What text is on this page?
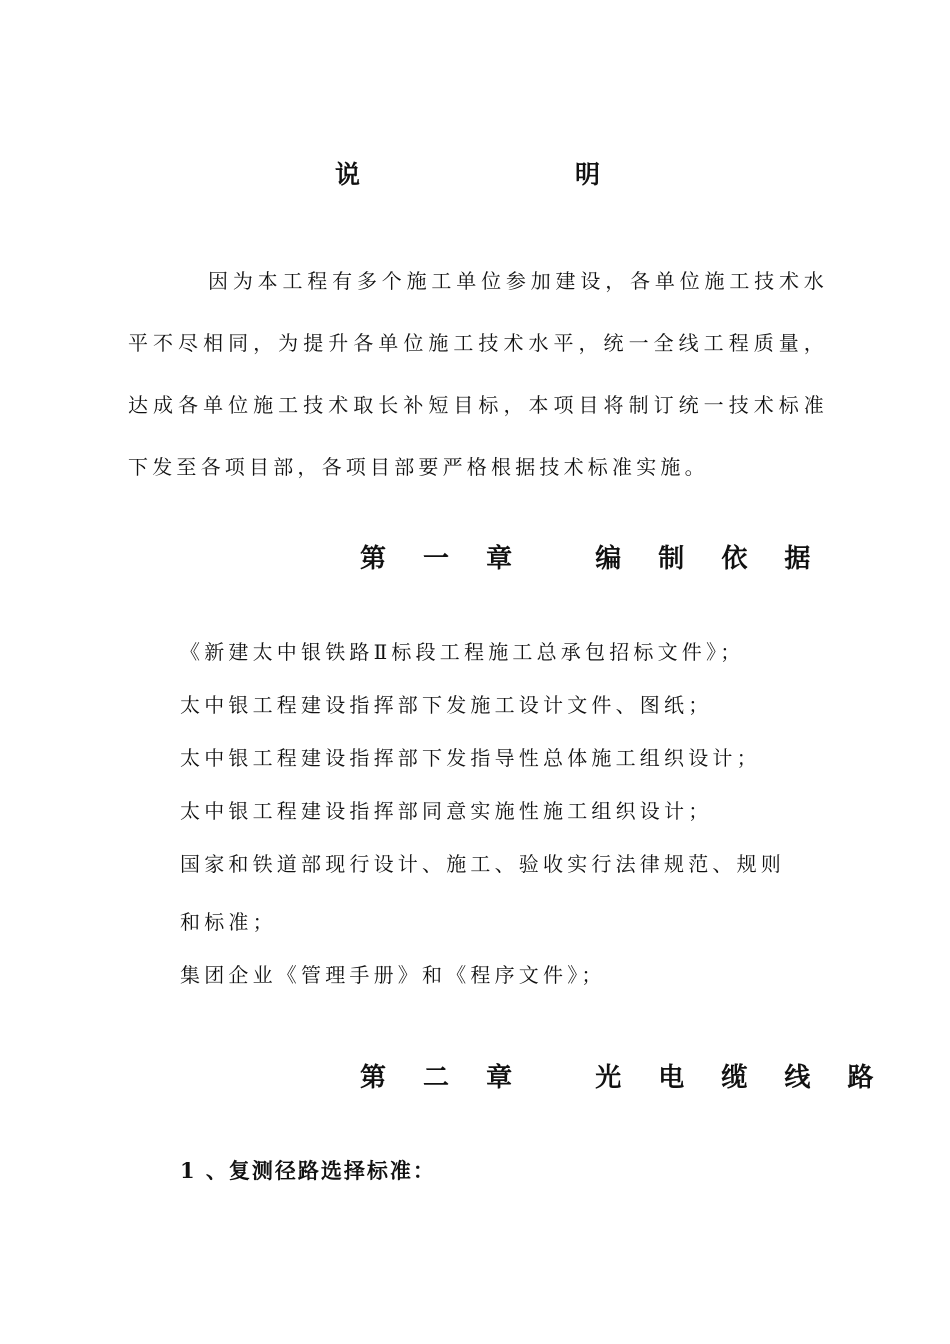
说	明

因为本工程有多个施工单位参加建设，各单位施工技术水平不尽相同，为提升各单位施工技术水平，统一全线工程质量，达成各单位施工技术取长补短目标，本项目将制订统一技术标准下发至各项目部，各项目部要严格根据技术标准实施。

第 一 章   编 制 依 据
《新建太中银铁路Ⅱ标段工程施工总承包招标文件》；
太中银工程建设指挥部下发施工设计文件、图纸；
太中银工程建设指挥部下发指导性总体施工组织设计；
太中银工程建设指挥部同意实施性施工组织设计；
国家和铁道部现行设计、施工、验收实行法律规范、规则
和标准；
集团企业《管理手册》和《程序文件》；
第 二 章   光 电 缆 线 路
1 、复测径路选择标准：
